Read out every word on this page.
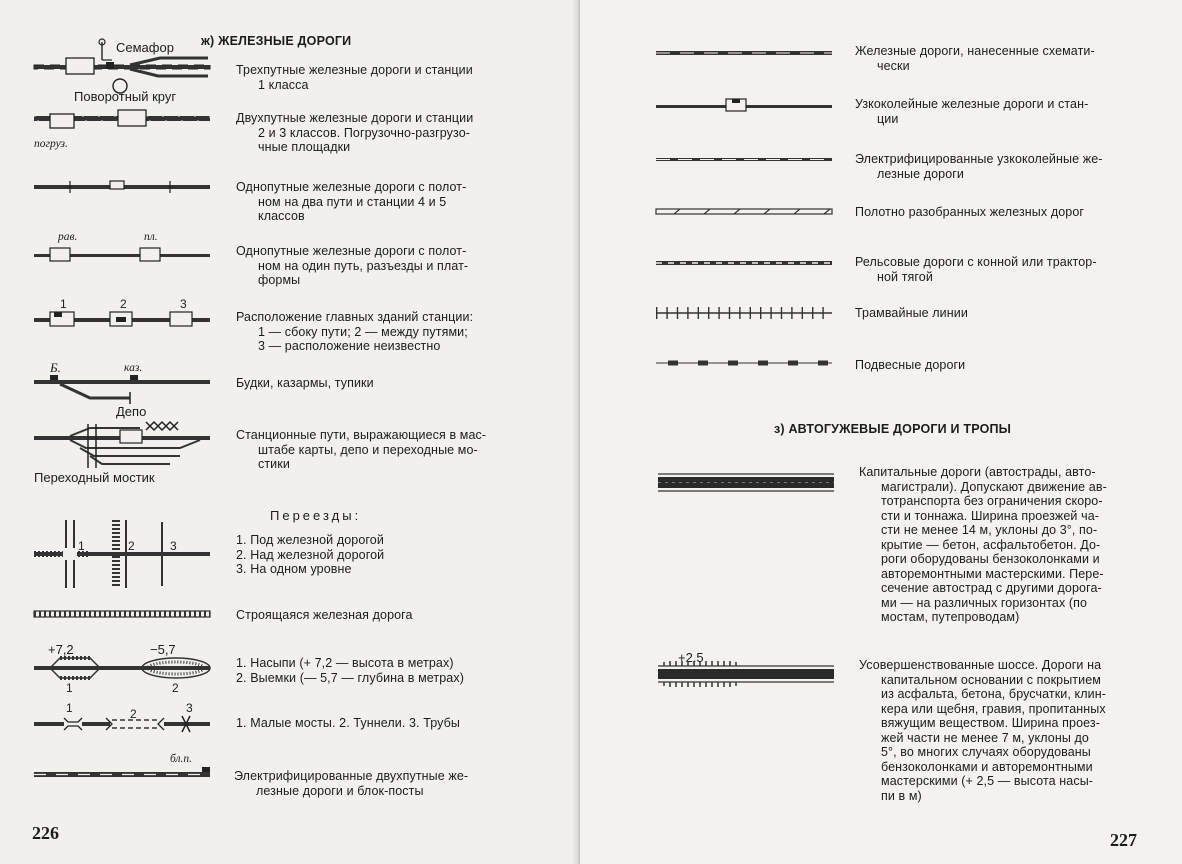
ж) ЖЕЛЕЗНЫЕ ДОРОГИ
Семафор
Поворотный круг
Трехпутные железные дороги и станции
1 класса
погруз.
Двухпутные железные дороги и станции
2 и 3 классов. Погрузочно-разгрузо-
чные площадки
Однопутные железные дороги с полот-
ном на два пути и станции 4 и 5
классов
рав.	пл.
Однопутные железные дороги с полот-
ном на один путь, разъезды и плат-
формы
1	2	3
Расположение главных зданий станции:
1 — сбоку пути; 2 — между путями;
3 — расположение неизвестно
Б.	каз.
Будки, казармы, тупики
Депо
Переходный мостик
Станционные пути, выражающиеся в мас-
штабе карты, депо и переходные мо-
стики
Переезды:
1	2	3	1. Под железной дорогой
2. Над железной дорогой
3. На одном уровне
Строящаяся железная дорога
+7,2	−5,7
1	2
1. Насыпи (+ 7,2 — высота в метрах)
2. Выемки (— 5,7 — глубина в метрах)
1	2	3
1. Малые мосты. 2. Туннели. 3. Трубы
бл.п.
Электрифицированные двухпутные же-
лезные дороги и блок-посты
226
Железные дороги, нанесенные схемати-
чески
Узкоколейные железные дороги и стан-
ции
Электрифицированные узкоколейные же-
лезные дороги
Полотно разобранных железных дорог
Рельсовые дороги с конной или трактор-
ной тягой
Трамвайные линии
Подвесные дороги
з) АВТОГУЖЕВЫЕ ДОРОГИ И ТРОПЫ
Капитальные дороги (автострады, авто-
магистрали). Допускают движение ав-
тотранспорта без ограничения скоро-
сти и тоннажа. Ширина проезжей ча-
сти не менее 14 м, уклоны до 3°, по-
крытие — бетон, асфальтобетон. До-
роги оборудованы бензоколонками и
авторемонтными мастерскими. Пере-
сечение автострад с другими дорога-
ми — на различных горизонтах (по
мостам, путепроводам)
+2.5	Усовершенствованные шоссе. Дороги на
капитальном основании с покрытием
из асфальта, бетона, брусчатки, клин-
кера или щебня, гравия, пропитанных
вяжущим веществом. Ширина проез-
жей части не менее 7 м, уклоны до
5°, во многих случаях оборудованы
бензоколонками и авторемонтными
мастерскими (+ 2,5 — высота насы-
пи в м)
227
